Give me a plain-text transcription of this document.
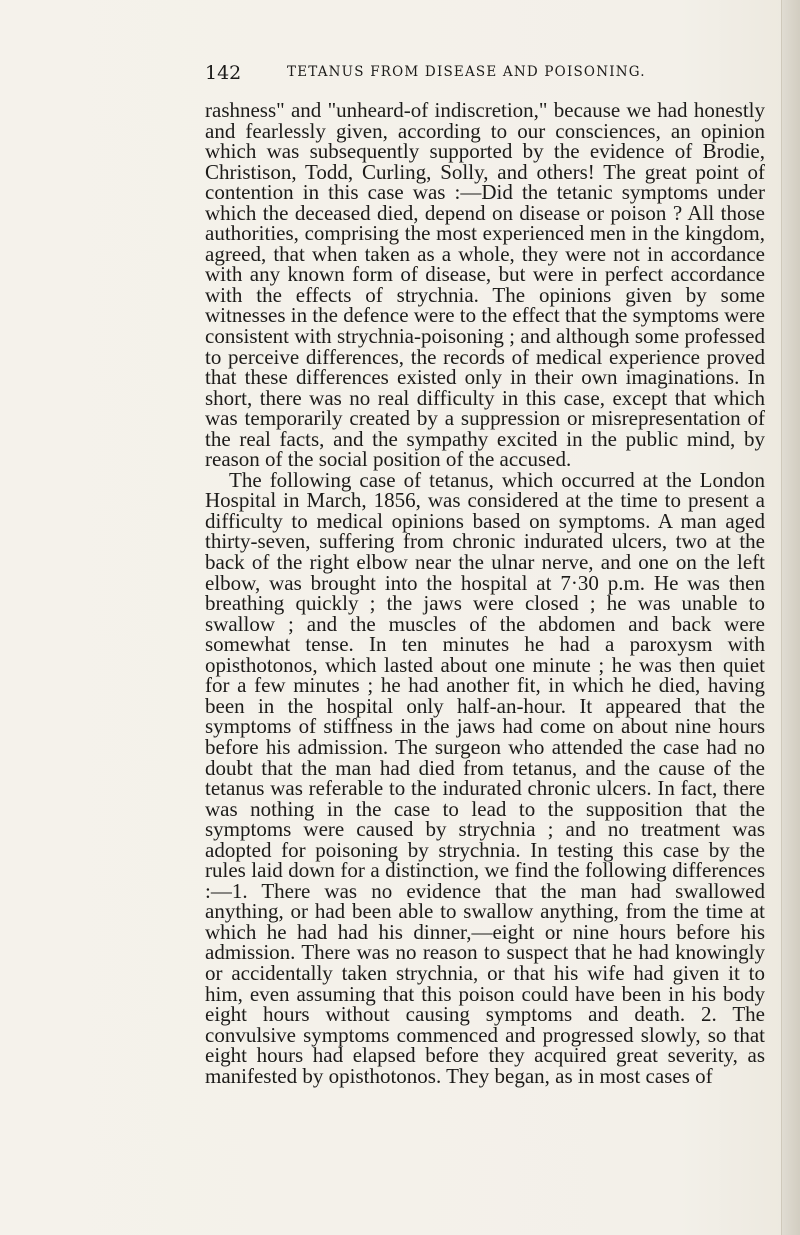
142	TETANUS FROM DISEASE AND POISONING.

rashness" and "unheard-of indiscretion," because we had honestly and fearlessly given, according to our consciences, an opinion which was subsequently supported by the evidence of Brodie, Christison, Todd, Curling, Solly, and others! The great point of contention in this case was :—Did the tetanic symptoms under which the deceased died, depend on disease or poison ? All those authorities, comprising the most experienced men in the kingdom, agreed, that when taken as a whole, they were not in accordance with any known form of disease, but were in perfect accordance with the effects of strychnia. The opinions given by some witnesses in the defence were to the effect that the symptoms were consistent with strychnia-poisoning ; and although some professed to perceive differences, the records of medical experience proved that these differences existed only in their own imaginations. In short, there was no real difficulty in this case, except that which was temporarily created by a suppression or misrepresentation of the real facts, and the sympathy excited in the public mind, by reason of the social position of the accused.

The following case of tetanus, which occurred at the London Hospital in March, 1856, was considered at the time to present a difficulty to medical opinions based on symptoms. A man aged thirty-seven, suffering from chronic indurated ulcers, two at the back of the right elbow near the ulnar nerve, and one on the left elbow, was brought into the hospital at 7·30 p.m. He was then breathing quickly ; the jaws were closed ; he was unable to swallow ; and the muscles of the abdomen and back were somewhat tense. In ten minutes he had a paroxysm with opisthotonos, which lasted about one minute ; he was then quiet for a few minutes ; he had another fit, in which he died, having been in the hospital only half-an-hour. It appeared that the symptoms of stiffness in the jaws had come on about nine hours before his admission. The surgeon who attended the case had no doubt that the man had died from tetanus, and the cause of the tetanus was referable to the indurated chronic ulcers. In fact, there was nothing in the case to lead to the supposition that the symptoms were caused by strychnia ; and no treatment was adopted for poisoning by strychnia. In testing this case by the rules laid down for a distinction, we find the following differences :—1. There was no evidence that the man had swallowed anything, or had been able to swallow anything, from the time at which he had had his dinner,—eight or nine hours before his admission. There was no reason to suspect that he had knowingly or accidentally taken strychnia, or that his wife had given it to him, even assuming that this poison could have been in his body eight hours without causing symptoms and death. 2. The convulsive symptoms commenced and progressed slowly, so that eight hours had elapsed before they acquired great severity, as manifested by opisthotonos. They began, as in most cases of
